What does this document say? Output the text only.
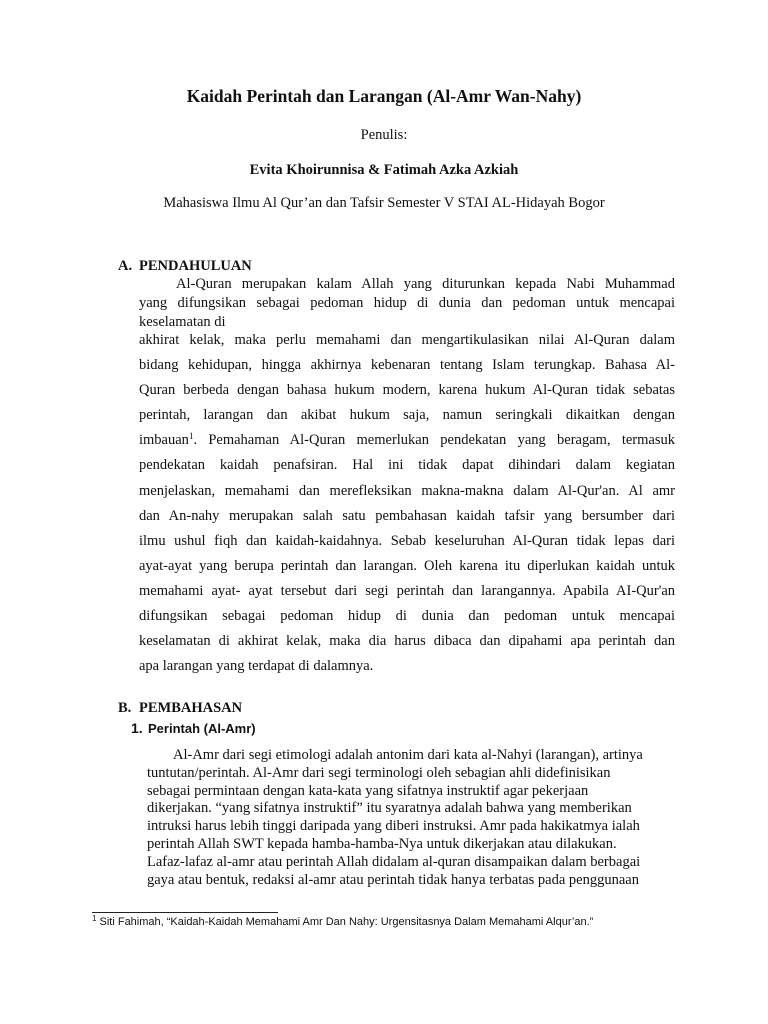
Kaidah Perintah dan Larangan (Al-Amr Wan-Nahy)
Penulis:
Evita Khoirunnisa & Fatimah Azka Azkiah
Mahasiswa Ilmu Al Qur’an dan Tafsir Semester V STAI AL-Hidayah Bogor
A. PENDAHULUAN
Al-Quran merupakan kalam Allah yang diturunkan kepada Nabi Muhammad
yang difungsikan sebagai pedoman hidup di dunia dan pedoman untuk mencapai
keselamatan di
akhirat kelak, maka perlu memahami dan mengartikulasikan nilai Al-Quran dalam
bidang kehidupan, hingga akhirnya kebenaran tentang Islam terungkap. Bahasa Al-
Quran berbeda dengan bahasa hukum modern, karena hukum Al-Quran tidak sebatas
perintah, larangan dan akibat hukum saja, namun seringkali dikaitkan dengan
imbauan$^1$. Pemahaman Al-Quran memerlukan pendekatan yang beragam, termasuk
pendekatan kaidah penafsiran. Hal ini tidak dapat dihindari dalam kegiatan
menjelaskan, memahami dan merefleksikan makna-makna dalam Al-Qur'an. Al amr
dan An-nahy merupakan salah satu pembahasan kaidah tafsir yang bersumber dari
ilmu ushul fiqh dan kaidah-kaidahnya. Sebab keseluruhan Al-Quran tidak lepas dari
ayat-ayat yang berupa perintah dan larangan. Oleh karena itu diperlukan kaidah untuk
memahami ayat- ayat tersebut dari segi perintah dan larangannya. Apabila AI-Qur'an
difungsikan sebagai pedoman hidup di dunia dan pedoman untuk mencapai
keselamatan di akhirat kelak, maka dia harus dibaca dan dipahami apa perintah dan
apa larangan yang terdapat di dalamnya.
B. PEMBAHASAN
1. Perintah (Al-Amr)
Al-Amr dari segi etimologi adalah antonim dari kata al-Nahyi (larangan), artinya
tuntutan/perintah. Al-Amr dari segi terminologi oleh sebagian ahli didefinisikan
sebagai permintaan dengan kata-kata yang sifatnya instruktif agar pekerjaan
dikerjakan. “yang sifatnya instruktif” itu syaratnya adalah bahwa yang memberikan
intruksi harus lebih tinggi daripada yang diberi instruksi. Amr pada hakikatmya ialah
perintah Allah SWT kepada hamba-hamba-Nya untuk dikerjakan atau dilakukan.
Lafaz-lafaz al-amr atau perintah Allah didalam al-quran disampaikan dalam berbagai
gaya atau bentuk, redaksi al-amr atau perintah tidak hanya terbatas pada penggunaan
$^1$ Siti Fahimah, “Kaidah-Kaidah Memahami Amr Dan Nahy: Urgensitasnya Dalam Memahami Alqur’an.”
